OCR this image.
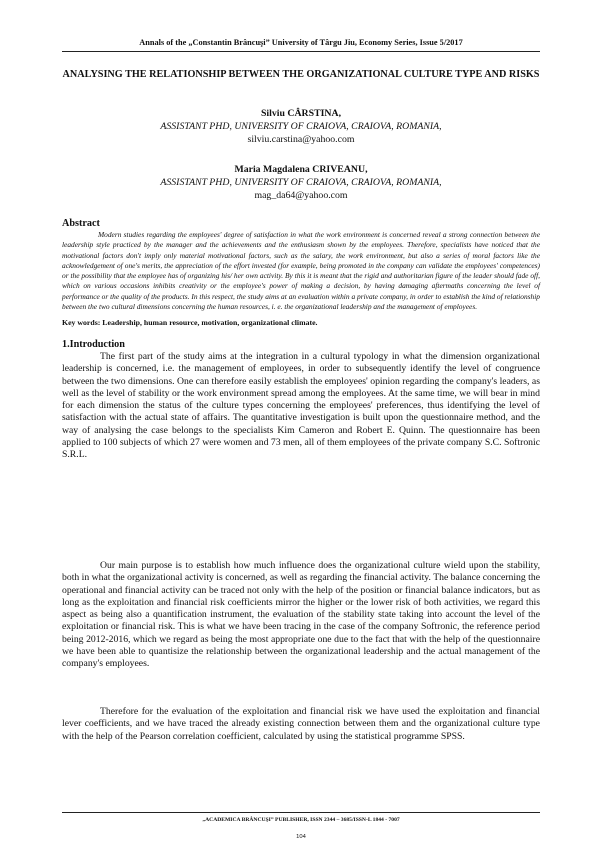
Annals of the „Constantin Brâncuşi” University of Târgu Jiu, Economy Series, Issue 5/2017
ANALYSING THE RELATIONSHIP BETWEEN THE ORGANIZATIONAL CULTURE TYPE AND RISKS
Silviu CÂRSTINA,
ASSISTANT PHD, UNIVERSITY OF CRAIOVA, CRAIOVA, ROMANIA,
silviu.carstina@yahoo.com
Maria Magdalena CRIVEANU,
ASSISTANT PHD, UNIVERSITY OF CRAIOVA, CRAIOVA, ROMANIA,
mag_da64@yahoo.com
Abstract

Modern studies regarding the employees' degree of satisfaction in what the work environment is concerned reveal a strong connection between the leadership style practiced by the manager and the achievements and the enthusiasm shown by the employees. Therefore, specialists have noticed that the motivational factors don't imply only material motivational factors, such as the salary, the work environment, but also a series of moral factors like the acknowledgement of one's merits, the appreciation of the effort invested (for example, being promoted in the company can validate the employees' competences) or the possibility that the employee has of organizing his/ her own activity. By this it is meant that the rigid and authoritarian figure of the leader should fade off, which on various occasions inhibits creativity or the employee's power of making a decision, by having damaging aftermaths concerning the level of performance or the quality of the products. In this respect, the study aims at an evaluation within a private company, in order to establish the kind of relationship between the two cultural dimensions concerning the human resources, i. e. the organizational leadership and the management of employees.

Key words: Leadership, human resource, motivation, organizational climate.

1.Introduction

The first part of the study aims at the integration in a cultural typology in what the dimension organizational leadership is concerned, i.e. the management of employees, in order to subsequently identify the level of congruence between the two dimensions. One can therefore easily establish the employees' opinion regarding the company's leaders, as well as the level of stability or the work environment spread among the employees. At the same time, we will bear in mind for each dimension the status of the culture types concerning the employees' preferences, thus identifying the level of satisfaction with the actual state of affairs. The quantitative investigation is built upon the questionnaire method, and the way of analysing the case belongs to the specialists Kim Cameron and Robert E. Quinn. The questionnaire has been applied to 100 subjects of which 27 were women and 73 men, all of them employees of the private company S.C. Softronic S.R.L.

Our main purpose is to establish how much influence does the organizational culture wield upon the stability, both in what the organizational activity is concerned, as well as regarding the financial activity. The balance concerning the operational and financial activity can be traced not only with the help of the position or financial balance indicators, but as long as the exploitation and financial risk coefficients mirror the higher or the lower risk of both activities, we regard this aspect as being also a quantification instrument, the evaluation of the stability state taking into account the level of the exploitation or financial risk. This is what we have been tracing in the case of the company Softronic, the reference period being 2012-2016, which we regard as being the most appropriate one due to the fact that with the help of the questionnaire we have been able to quantisize the relationship between the organizational leadership and the actual management of the company's employees.

Therefore for the evaluation of the exploitation and financial risk we have used the exploitation and financial lever coefficients, and we have traced the already existing connection between them and the organizational culture type with the help of the Pearson correlation coefficient, calculated by using the statistical programme SPSS.

„ACADEMICA BRÂNCUŞI” PUBLISHER, ISSN 2344 – 3685/ISSN-L 1844 - 7007
104
